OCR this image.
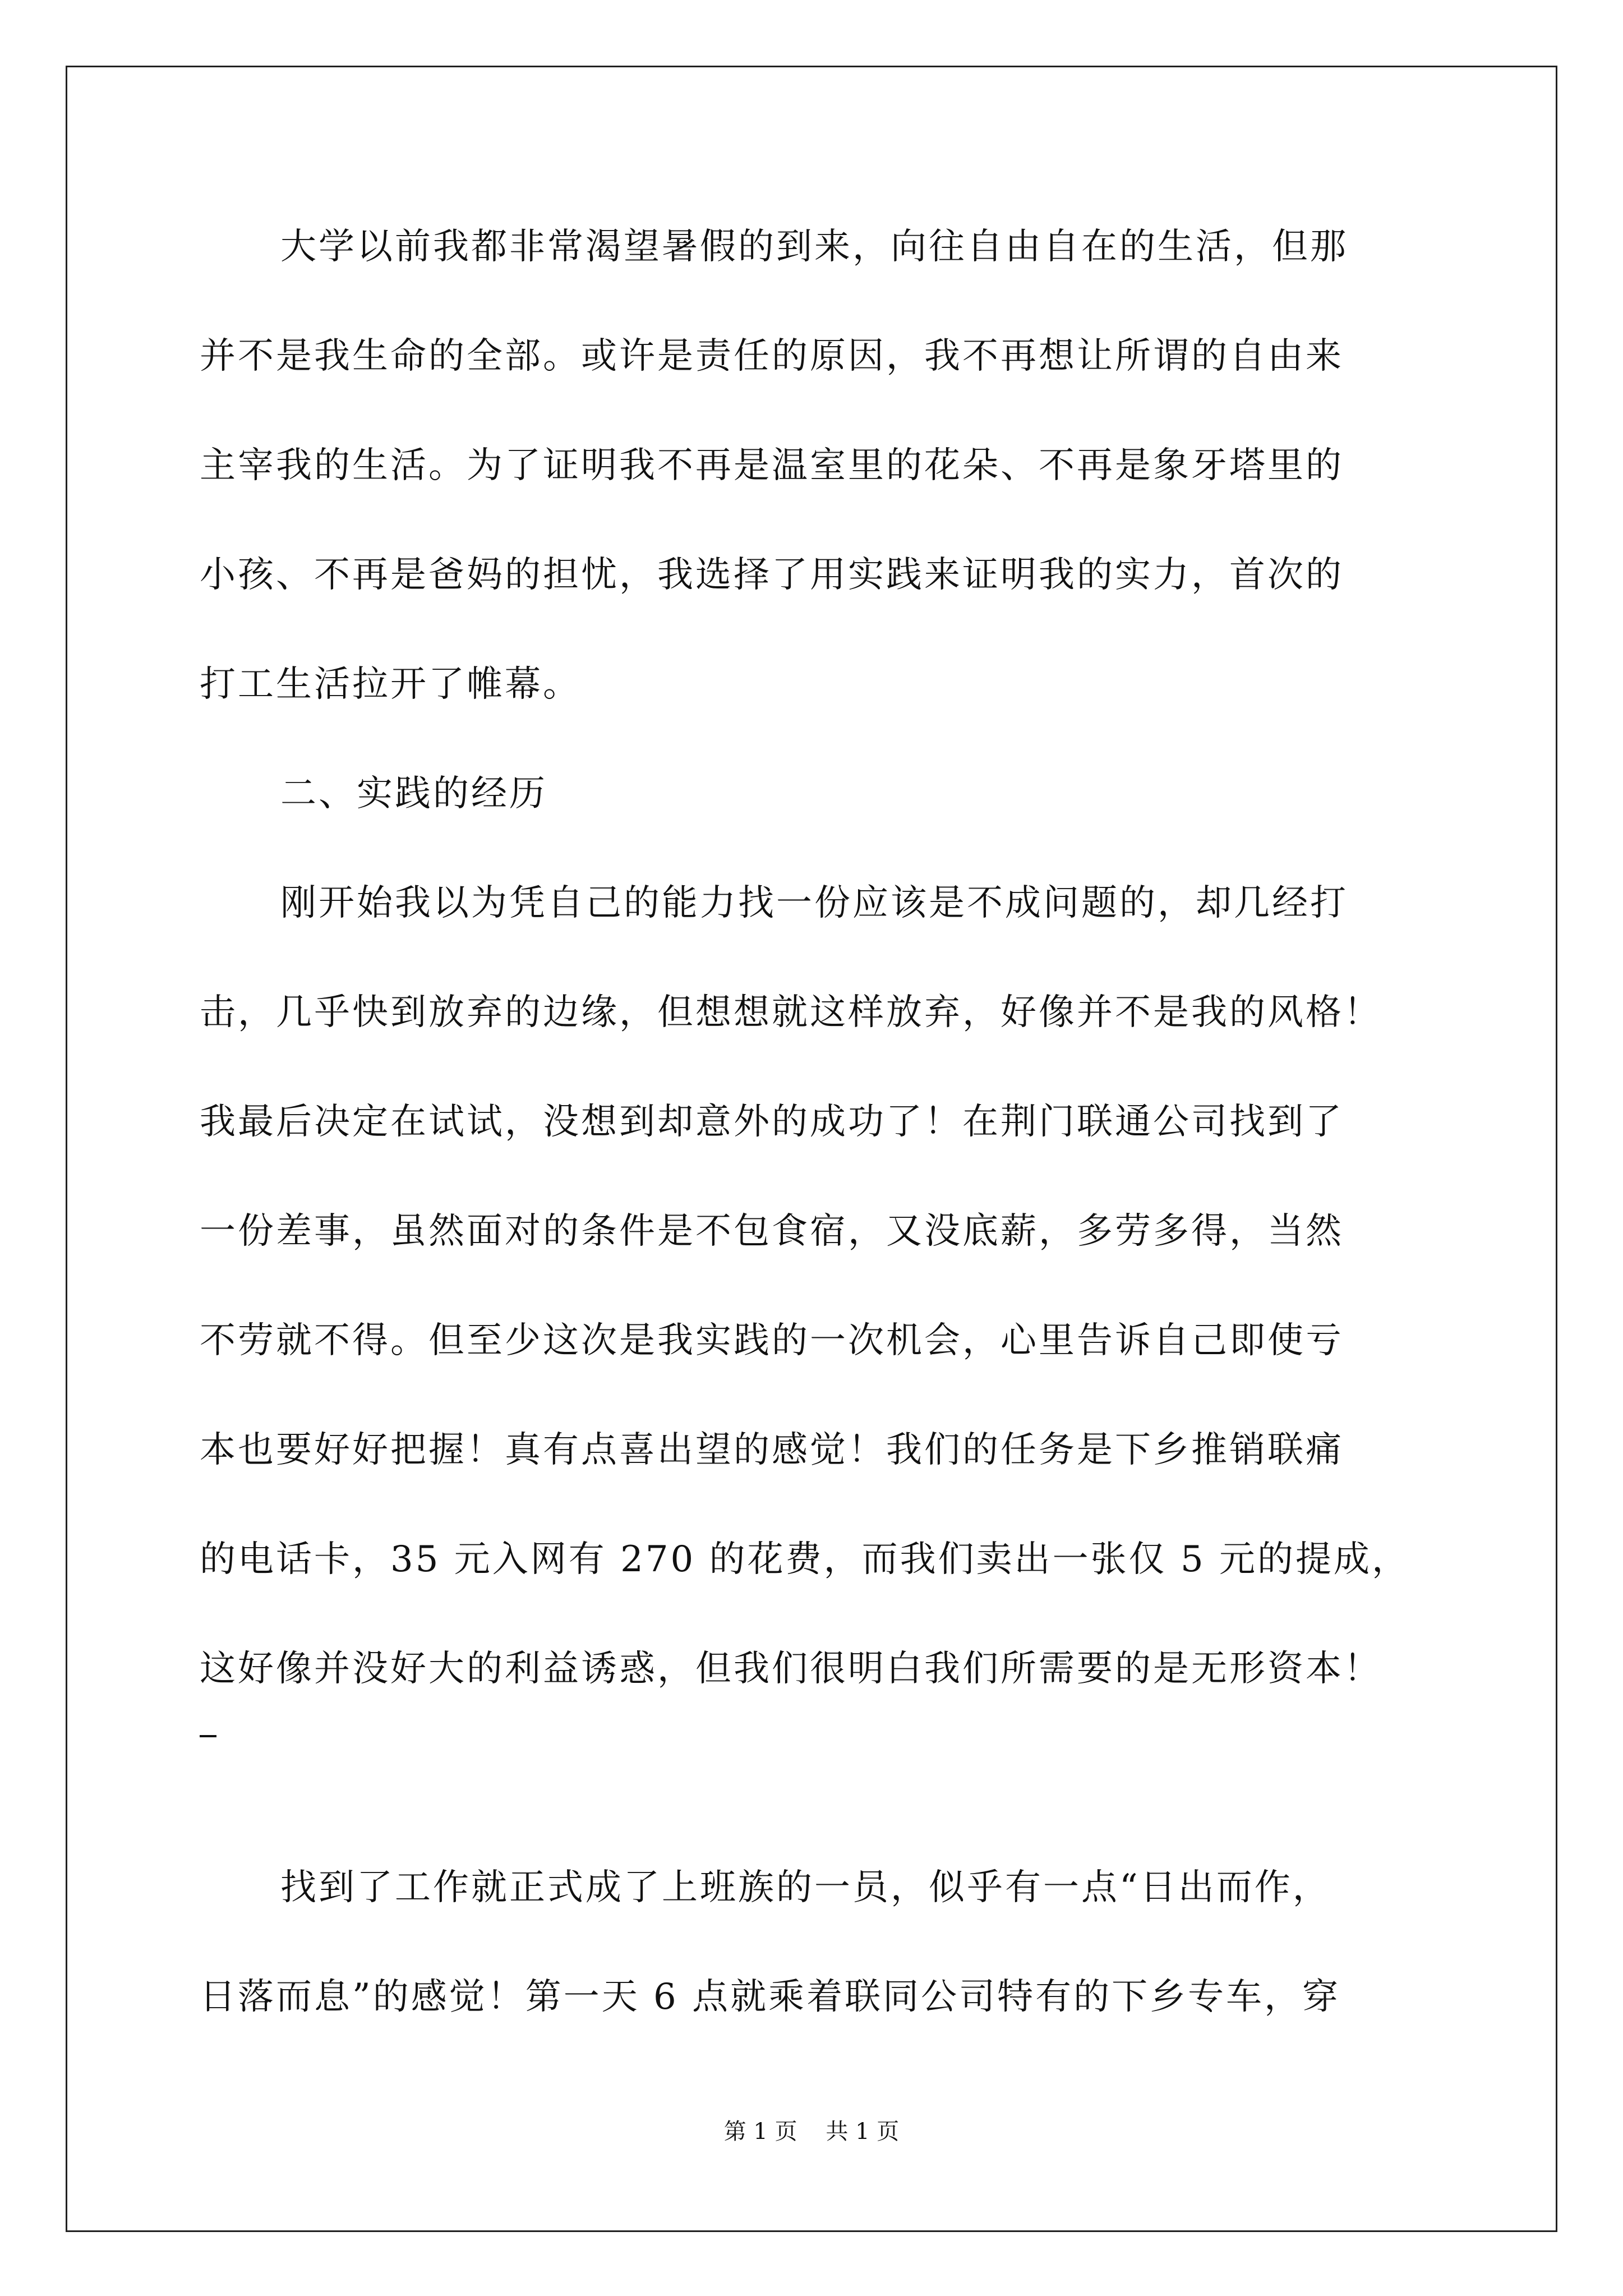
大学以前我都非常渴望暑假的到来，向往自由自在的生活，但那
并不是我生命的全部。或许是责任的原因，我不再想让所谓的自由来
主宰我的生活。为了证明我不再是温室里的花朵、不再是象牙塔里的
小孩、不再是爸妈的担忧，我选择了用实践来证明我的实力，首次的
打工生活拉开了帷幕。
二、实践的经历
刚开始我以为凭自己的能力找一份应该是不成问题的，却几经打
击，几乎快到放弃的边缘，但想想就这样放弃，好像并不是我的风格！
我最后决定在试试，没想到却意外的成功了！在荆门联通公司找到了
一份差事，虽然面对的条件是不包食宿，又没底薪，多劳多得，当然
不劳就不得。但至少这次是我实践的一次机会，心里告诉自己即使亏
本也要好好把握！真有点喜出望的感觉！我们的任务是下乡推销联痛
的电话卡，35 元入网有 270 的花费，而我们卖出一张仅 5 元的提成，
这好像并没好大的利益诱惑，但我们很明白我们所需要的是无形资本！
找到了工作就正式成了上班族的一员，似乎有一点“日出而作，
日落而息”的感觉！第一天 6 点就乘着联同公司特有的下乡专车，穿
第 1 页    共 1 页
